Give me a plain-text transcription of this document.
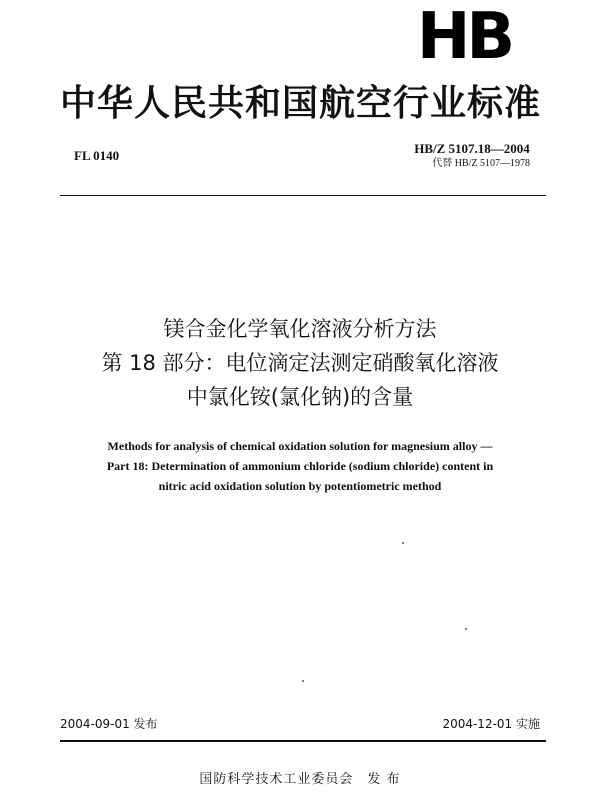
HB
中华人民共和国航空行业标准
FL 0140	HB/Z 5107.18—2004
代替 HB/Z 5107—1978
镁合金化学氧化溶液分析方法
第 18 部分：电位滴定法测定硝酸氧化溶液
中氯化铵(氯化钠)的含量
Methods for analysis of chemical oxidation solution for magnesium alloy —
Part 18: Determination of ammonium chloride (sodium chloride) content in
nitric acid oxidation solution by potentiometric method
2004-09-01 发布	2004-12-01 实施
国防科学技术工业委员会　发 布
